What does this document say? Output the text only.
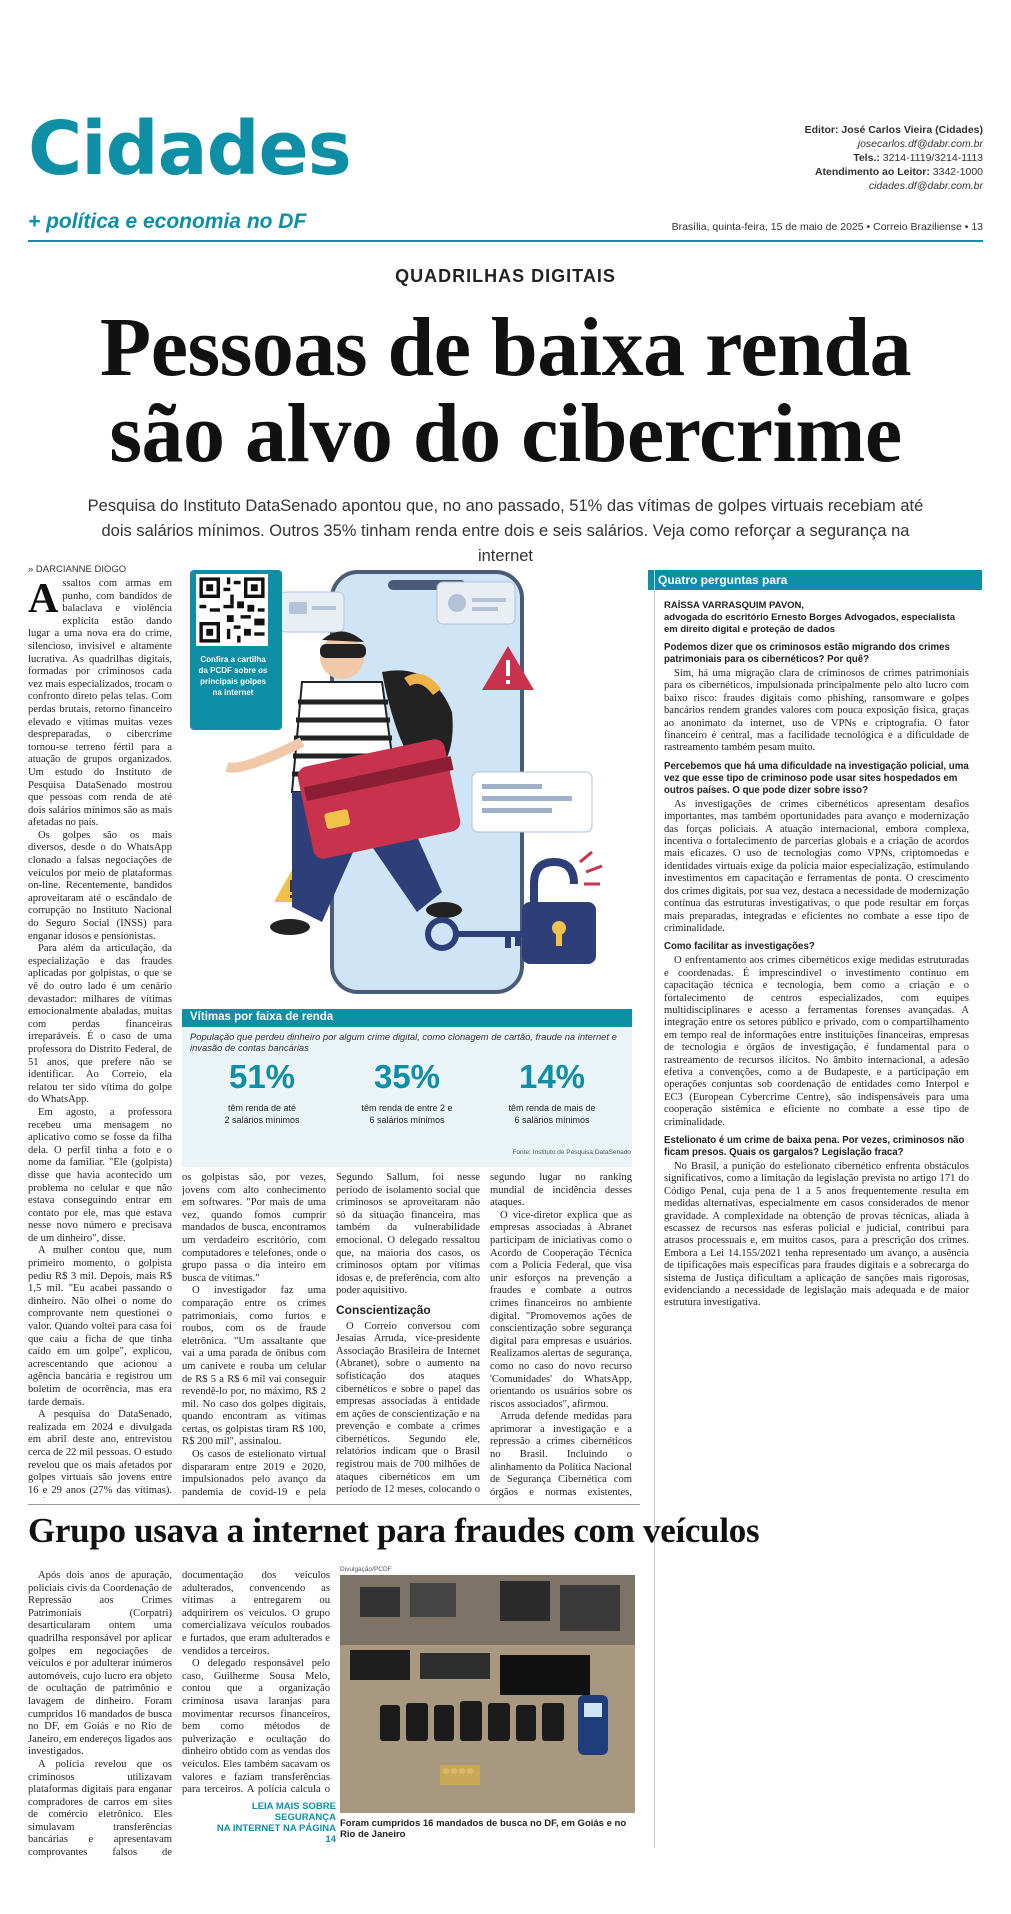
Cidades
+ política e economia no DF
Editor: José Carlos Vieira (Cidades)
josecarlos.df@dabr.com.br
Tels.: 3214-1119/3214-1113
Atendimento ao Leitor: 3342-1000
cidades.df@dabr.com.br
Brasília, quinta-feira, 15 de maio de 2025 • Correio Braziliense • 13
QUADRILHAS DIGITAIS
Pessoas de baixa renda
são alvo do cibercrime
Pesquisa do Instituto DataSenado apontou que, no ano passado, 51% das vítimas de golpes virtuais recebiam até dois salários mínimos. Outros 35% tinham renda entre dois e seis salários. Veja como reforçar a segurança na internet
» DARCIANNE DIOGO

Assaltos com armas em punho, com bandidos de balaclava e violência explícita estão dando lugar a uma nova era do crime, silencioso, invisível e altamente lucrativa. As quadrilhas digitais, formadas por criminosos cada vez mais especializados, trocam o confronto direto pelas telas. Com perdas brutais, retorno financeiro elevado e vítimas muitas vezes despreparadas, o cibercrime tornou-se terreno fértil para a atuação de grupos organizados. Um estudo do Instituto de Pesquisa DataSenado mostrou que pessoas com renda de até dois salários mínimos são as mais afetadas no país.

Os golpes são os mais diversos, desde o do WhatsApp clonado a falsas negociações de veículos por meio de plataformas on-line. Recentemente, bandidos aproveitaram até o escândalo de corrupção no Instituto Nacional do Seguro Social (INSS) para enganar idosos e pensionistas.

Para além da articulação, da especialização e das fraudes aplicadas por golpistas, o que se vê do outro lado é um cenário devastador: milhares de vítimas emocionalmente abaladas, muitas com perdas financeiras irreparáveis. É o caso de uma professora do Distrito Federal, de 51 anos, que prefere não se identificar. Ao Correio, ela relatou ter sido vítima do golpe do WhatsApp.

Em agosto, a professora recebeu uma mensagem no aplicativo como se fosse da filha dela. O perfil tinha a foto e o nome da familiar. "Ele (golpista) disse que havia acontecido um problema no celular e que não estava conseguindo entrar em contato por ele, mas que estava nesse novo número e precisava de um dinheiro", disse.

A mulher contou que, num primeiro momento, o golpista pediu R$ 3 mil. Depois, mais R$ 1,5 mil. "Eu acabei passando o dinheiro. Não olhei o nome do comprovante nem questionei o valor. Quando voltei para casa foi que caiu a ficha de que tinha caído em um golpe", explicou, acrescentando que acionou a agência bancária e registrou um boletim de ocorrência, mas era tarde demais.

A pesquisa do DataSenado, realizada em 2024 e divulgada em abril deste ano, entrevistou cerca de 22 mil pessoas. O estudo revelou que os mais afetados por golpes virtuais são jovens entre 16 e 29 anos (27% das vítimas).

Confira a cartilha da PCDF sobre os principais golpes na internet
Vítimas por faixa de renda
População que perdeu dinheiro por algum crime digital, como clonagem de cartão, fraude na internet e invasão de contas bancárias
51%
têm renda de até
2 salários mínimos
35%
têm renda de entre 2 e
6 salários mínimos
14%
têm renda de mais de
6 salários mínimos
Fonte: Instituto de Pesquisa DataSenado

os golpistas são, por vezes, jovens com alto conhecimento em softwares. "Por mais de uma vez, quando fomos cumprir mandados de busca, encontramos um verdadeiro escritório, com computadores e telefones, onde o grupo passa o dia inteiro em busca de vítimas."

O investigador faz uma comparação entre os crimes patrimoniais, como furtos e roubos, com os de fraude eletrônica. "Um assaltante que vai a uma parada de ônibus com um canivete e rouba um celular de R$ 5 a R$ 6 mil vai conseguir revendê-lo por, no máximo, R$ 2 mil. No caso dos golpes digitais, quando encontram as vítimas certas, os golpistas tiram R$ 100, R$ 200 mil", assinalou.

Os casos de estelionato virtual dispararam entre 2019 e 2020, impulsionados pelo avanço da pandemia de covid-19 e pela

Segundo Sallum, foi nesse período de isolamento social que criminosos se aproveitaram não só da situação financeira, mas também da vulnerabilidade emocional. O delegado ressaltou que, na maioria dos casos, os criminosos optam por vítimas idosas e, de preferência, com alto poder aquisitivo.

Conscientização

O Correio conversou com Jesaias Arruda, vice-presidente Associação Brasileira de Internet (Abranet), sobre o aumento na sofisticação dos ataques cibernéticos e sobre o papel das empresas associadas à entidade em ações de conscientização e na prevenção e combate a crimes cibernéticos. Segundo ele, relatórios indicam que o Brasil registrou mais de 700 milhões de ataques cibernéticos em um período de 12 meses, colocando o

segundo lugar no ranking mundial de incidência desses ataques.

O vice-diretor explica que as empresas associadas à Abranet participam de iniciativas como o Acordo de Cooperação Técnica com a Polícia Federal, que visa unir esforços na prevenção a fraudes e combate a outros crimes financeiros no ambiente digital. "Promovemos ações de conscientização sobre segurança digital para empresas e usuários. Realizamos alertas de segurança, como no caso do novo recurso 'Comunidades' do WhatsApp, orientando os usuários sobre os riscos associados", afirmou.

Arruda defende medidas para aprimorar a investigação e a repressão a crimes cibernéticos no Brasil. Incluindo o alinhamento da Política Nacional de Segurança Cibernética com órgãos e normas existentes,

Quatro perguntas para
RAÍSSA VARRASQUIM PAVON,
advogada do escritório Ernesto Borges Advogados, especialista em direito digital e proteção de dados
Podemos dizer que os criminosos estão migrando dos crimes patrimoniais para os cibernéticos? Por quê?

Sim, há uma migração clara de criminosos de crimes patrimoniais para os cibernéticos, impulsionada principalmente pelo alto lucro com baixo risco: fraudes digitais como phishing, ransomware e golpes bancários rendem grandes valores com pouca exposição física, graças ao anonimato da internet, uso de VPNs e criptografia. O fator financeiro é central, mas a facilidade tecnológica e a dificuldade de rastreamento também pesam muito.

Percebemos que há uma dificuldade na investigação policial, uma vez que esse tipo de criminoso pode usar sites hospedados em outros países. O que pode dizer sobre isso?

As investigações de crimes cibernéticos apresentam desafios importantes, mas também oportunidades para avanço e modernização das forças policiais. A atuação internacional, embora complexa, incentiva o fortalecimento de parcerias globais e a criação de acordos mais eficazes. O uso de tecnologias como VPNs, criptomoedas e identidades virtuais exige da polícia maior especialização, estimulando investimentos em capacitação e ferramentas de ponta. O crescimento dos crimes digitais, por sua vez, destaca a necessidade de modernização contínua das estruturas investigativas, o que pode resultar em forças mais preparadas, integradas e eficientes no combate a esse tipo de criminalidade.

Como facilitar as investigações?

O enfrentamento aos crimes cibernéticos exige medidas estruturadas e coordenadas. É imprescindível o investimento contínuo em capacitação técnica e tecnologia, bem como a criação e o fortalecimento de centros especializados, com equipes multidisciplinares e acesso a ferramentas forenses avançadas. A integração entre os setores público e privado, com o compartilhamento em tempo real de informações entre instituições financeiras, empresas de tecnologia e órgãos de investigação, é fundamental para o rastreamento de recursos ilícitos. No âmbito internacional, a adesão efetiva a convenções, como a de Budapeste, e a participação em operações conjuntas sob coordenação de entidades como Interpol e EC3 (European Cybercrime Centre), são indispensáveis para uma cooperação sistêmica e eficiente no combate a esse tipo de criminalidade.

Estelionato é um crime de baixa pena. Por vezes, criminosos não ficam presos. Quais os gargalos? Legislação fraca?

No Brasil, a punição do estelionato cibernético enfrenta obstáculos significativos, como a limitação da legislação prevista no artigo 171 do Código Penal, cuja pena de 1 a 5 anos frequentemente resulta em medidas alternativas, especialmente em casos considerados de menor gravidade. A complexidade na obtenção de provas técnicas, aliada à escassez de recursos nas esferas policial e judicial, contribui para atrasos processuais e, em muitos casos, para a prescrição dos crimes. Embora a Lei 14.155/2021 tenha representado um avanço, a ausência de tipificações mais específicas para fraudes digitais e a sobrecarga do sistema de Justiça dificultam a aplicação de sanções mais rigorosas, evidenciando a necessidade de legislação mais adequada e de maior estrutura investigativa.

Grupo usava a internet para fraudes com veículos

Após dois anos de apuração, policiais civis da Coordenação de Repressão aos Crimes Patrimoniais (Corpatri) desarticularam ontem uma quadrilha responsável por aplicar golpes em negociações de veículos e por adulterar inúmeros automóveis, cujo lucro era objeto de ocultação de patrimônio e lavagem de dinheiro. Foram cumpridos 16 mandados de busca no DF, em Goiás e no Rio de Janeiro, em endereços ligados aos investigados.

A polícia revelou que os criminosos utilizavam plataformas digitais para enganar compradores de carros em sites de comércio eletrônico. Eles simulavam transferências bancárias e apresentavam comprovantes falsos de

documentação dos veículos adulterados, convencendo as vítimas a entregarem ou adquirirem os veículos. O grupo comercializava veículos roubados e furtados, que eram adulterados e vendidos a terceiros.

O delegado responsável pelo caso, Guilherme Sousa Melo, contou que a organização criminosa usava laranjas para movimentar recursos financeiros, bem como métodos de pulverização e ocultação do dinheiro obtido com as vendas dos veículos. Eles também sacavam os valores e faziam transferências para terceiros. A polícia calcula o

LEIA MAIS SOBRE SEGURANÇA
NA INTERNET NA PÁGINA 14
Divulgação/PCDF
Foram cumpridos 16 mandados de busca no DF, em Goiás e no Rio de Janeiro
